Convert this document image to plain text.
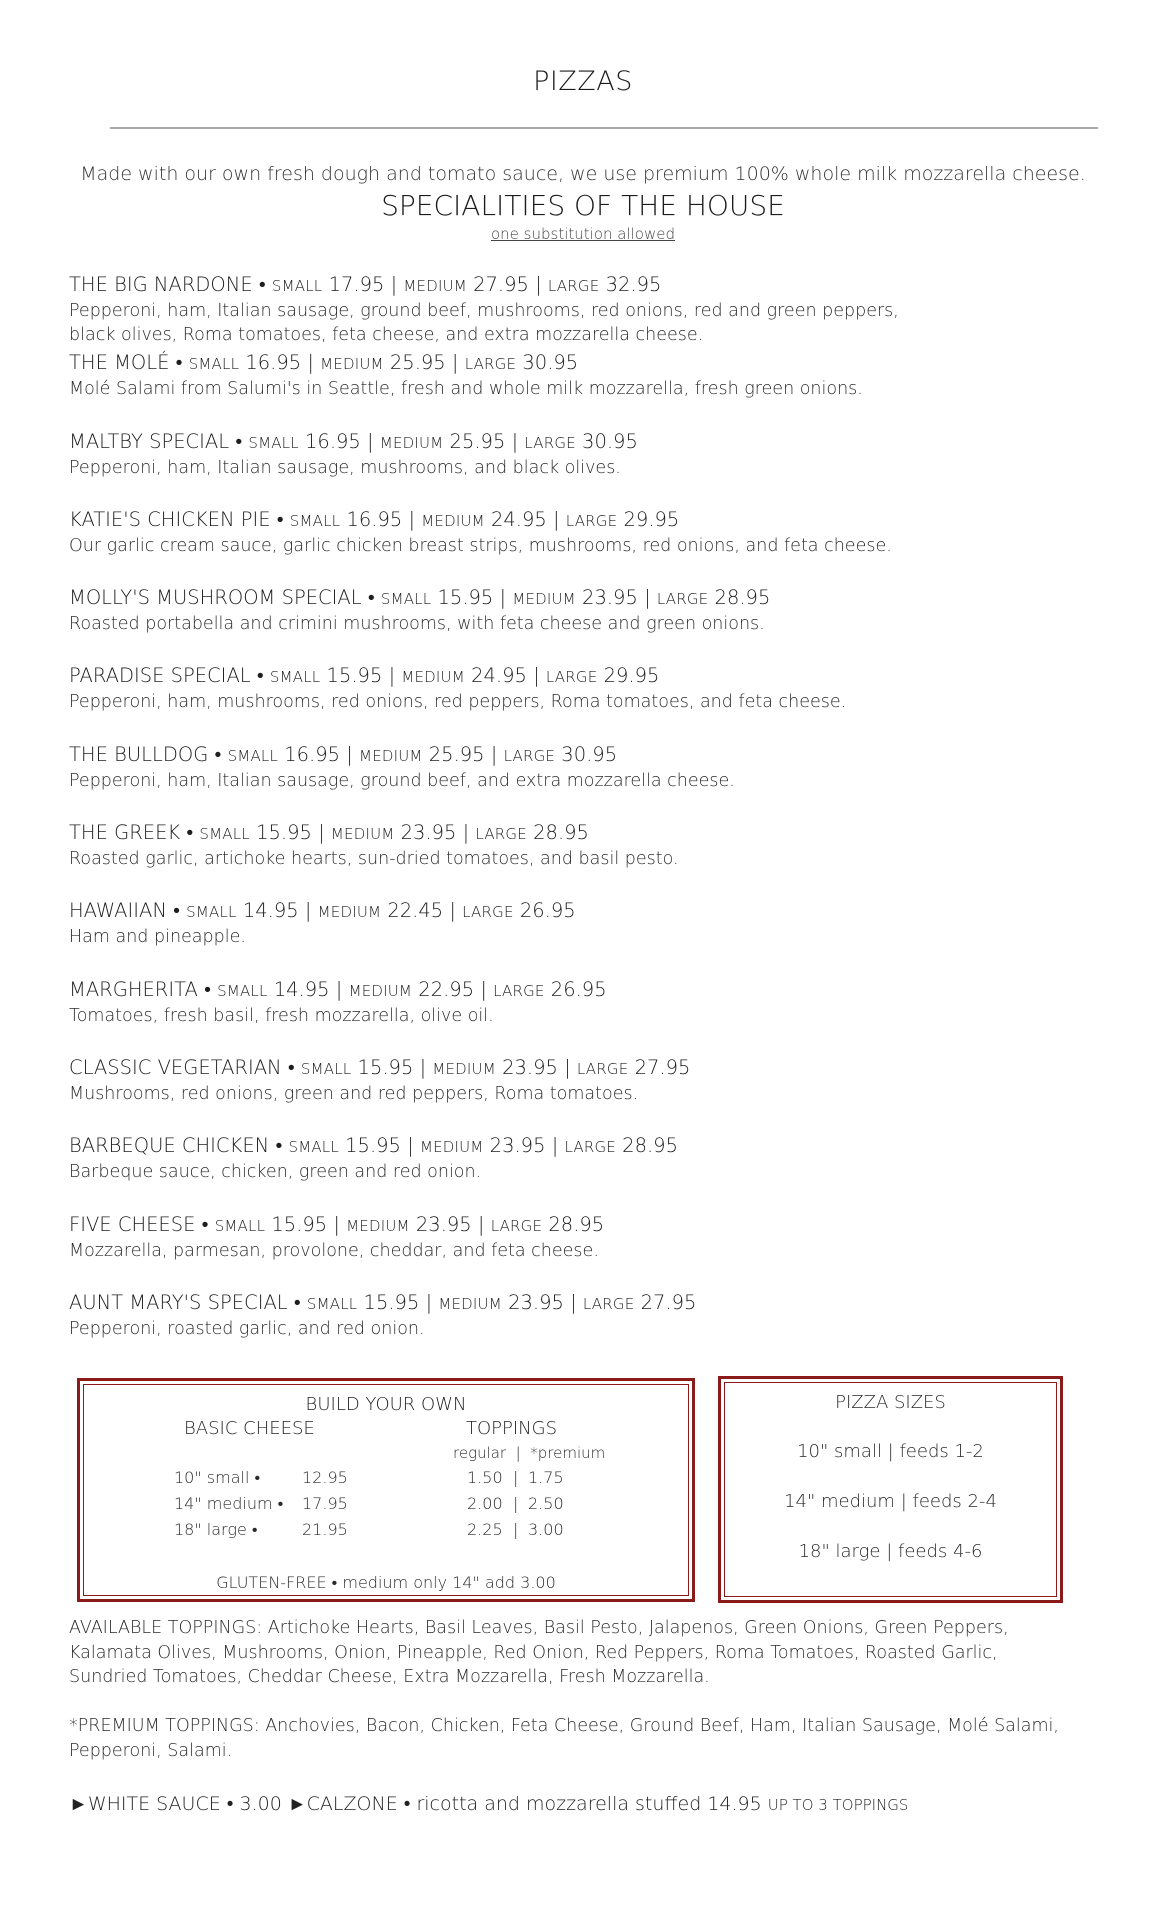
PIZZAS
Made with our own fresh dough and tomato sauce, we use premium 100% whole milk mozzarella cheese.
SPECIALITIES OF THE HOUSE
one substitution allowed
THE BIG NARDONE • SMALL 17.95 | MEDIUM 27.95 | LARGE 32.95
Pepperoni, ham, Italian sausage, ground beef, mushrooms, red onions, red and green peppers,
black olives, Roma tomatoes, feta cheese, and extra mozzarella cheese.
THE MOLÉ • SMALL 16.95 | MEDIUM 25.95 | LARGE 30.95
Molé Salami from Salumi's in Seattle, fresh and whole milk mozzarella, fresh green onions.
MALTBY SPECIAL • SMALL 16.95 | MEDIUM 25.95 | LARGE 30.95
Pepperoni, ham, Italian sausage, mushrooms, and black olives.
KATIE'S CHICKEN PIE • SMALL 16.95 | MEDIUM 24.95 | LARGE 29.95
Our garlic cream sauce, garlic chicken breast strips, mushrooms, red onions, and feta cheese.
MOLLY'S MUSHROOM SPECIAL • SMALL 15.95 | MEDIUM 23.95 | LARGE 28.95
Roasted portabella and crimini mushrooms, with feta cheese and green onions.
PARADISE SPECIAL • SMALL 15.95 | MEDIUM 24.95 | LARGE 29.95
Pepperoni, ham, mushrooms, red onions, red peppers, Roma tomatoes, and feta cheese.
THE BULLDOG • SMALL 16.95 | MEDIUM 25.95 | LARGE 30.95
Pepperoni, ham, Italian sausage, ground beef, and extra mozzarella cheese.
THE GREEK • SMALL 15.95 | MEDIUM 23.95 | LARGE 28.95
Roasted garlic, artichoke hearts, sun-dried tomatoes, and basil pesto.
HAWAIIAN • SMALL 14.95 | MEDIUM 22.45 | LARGE 26.95
Ham and pineapple.
MARGHERITA • SMALL 14.95 | MEDIUM 22.95 | LARGE 26.95
Tomatoes, fresh basil, fresh mozzarella, olive oil.
CLASSIC VEGETARIAN • SMALL 15.95 | MEDIUM 23.95 | LARGE 27.95
Mushrooms, red onions, green and red peppers, Roma tomatoes.
BARBEQUE CHICKEN • SMALL 15.95 | MEDIUM 23.95 | LARGE 28.95
Barbeque sauce, chicken, green and red onion.
FIVE CHEESE • SMALL 15.95 | MEDIUM 23.95 | LARGE 28.95
Mozzarella, parmesan, provolone, cheddar, and feta cheese.
AUNT MARY'S SPECIAL • SMALL 15.95 | MEDIUM 23.95 | LARGE 27.95
Pepperoni, roasted garlic, and red onion.
BUILD YOUR OWN
BASIC CHEESE	TOPPINGS
regular  |  *premium
10" small •	12.95	1.50 | 1.75
14" medium • 17.95	2.00 | 2.50
18" large •	21.95	2.25 | 3.00
GLUTEN-FREE • medium only 14" add 3.00
PIZZA SIZES
10" small | feeds 1-2
14" medium | feeds 2-4
18" large | feeds 4-6
AVAILABLE TOPPINGS: Artichoke Hearts, Basil Leaves, Basil Pesto, Jalapenos, Green Onions, Green Peppers, Kalamata Olives, Mushrooms, Onion, Pineapple, Red Onion, Red Peppers, Roma Tomatoes, Roasted Garlic, Sundried Tomatoes, Cheddar Cheese, Extra Mozzarella, Fresh Mozzarella.
*PREMIUM TOPPINGS: Anchovies, Bacon, Chicken, Feta Cheese, Ground Beef, Ham, Italian Sausage, Molé Salami, Pepperoni, Salami.
►WHITE SAUCE • 3.00 ►CALZONE • ricotta and mozzarella stuffed 14.95 UP TO 3 TOPPINGS
